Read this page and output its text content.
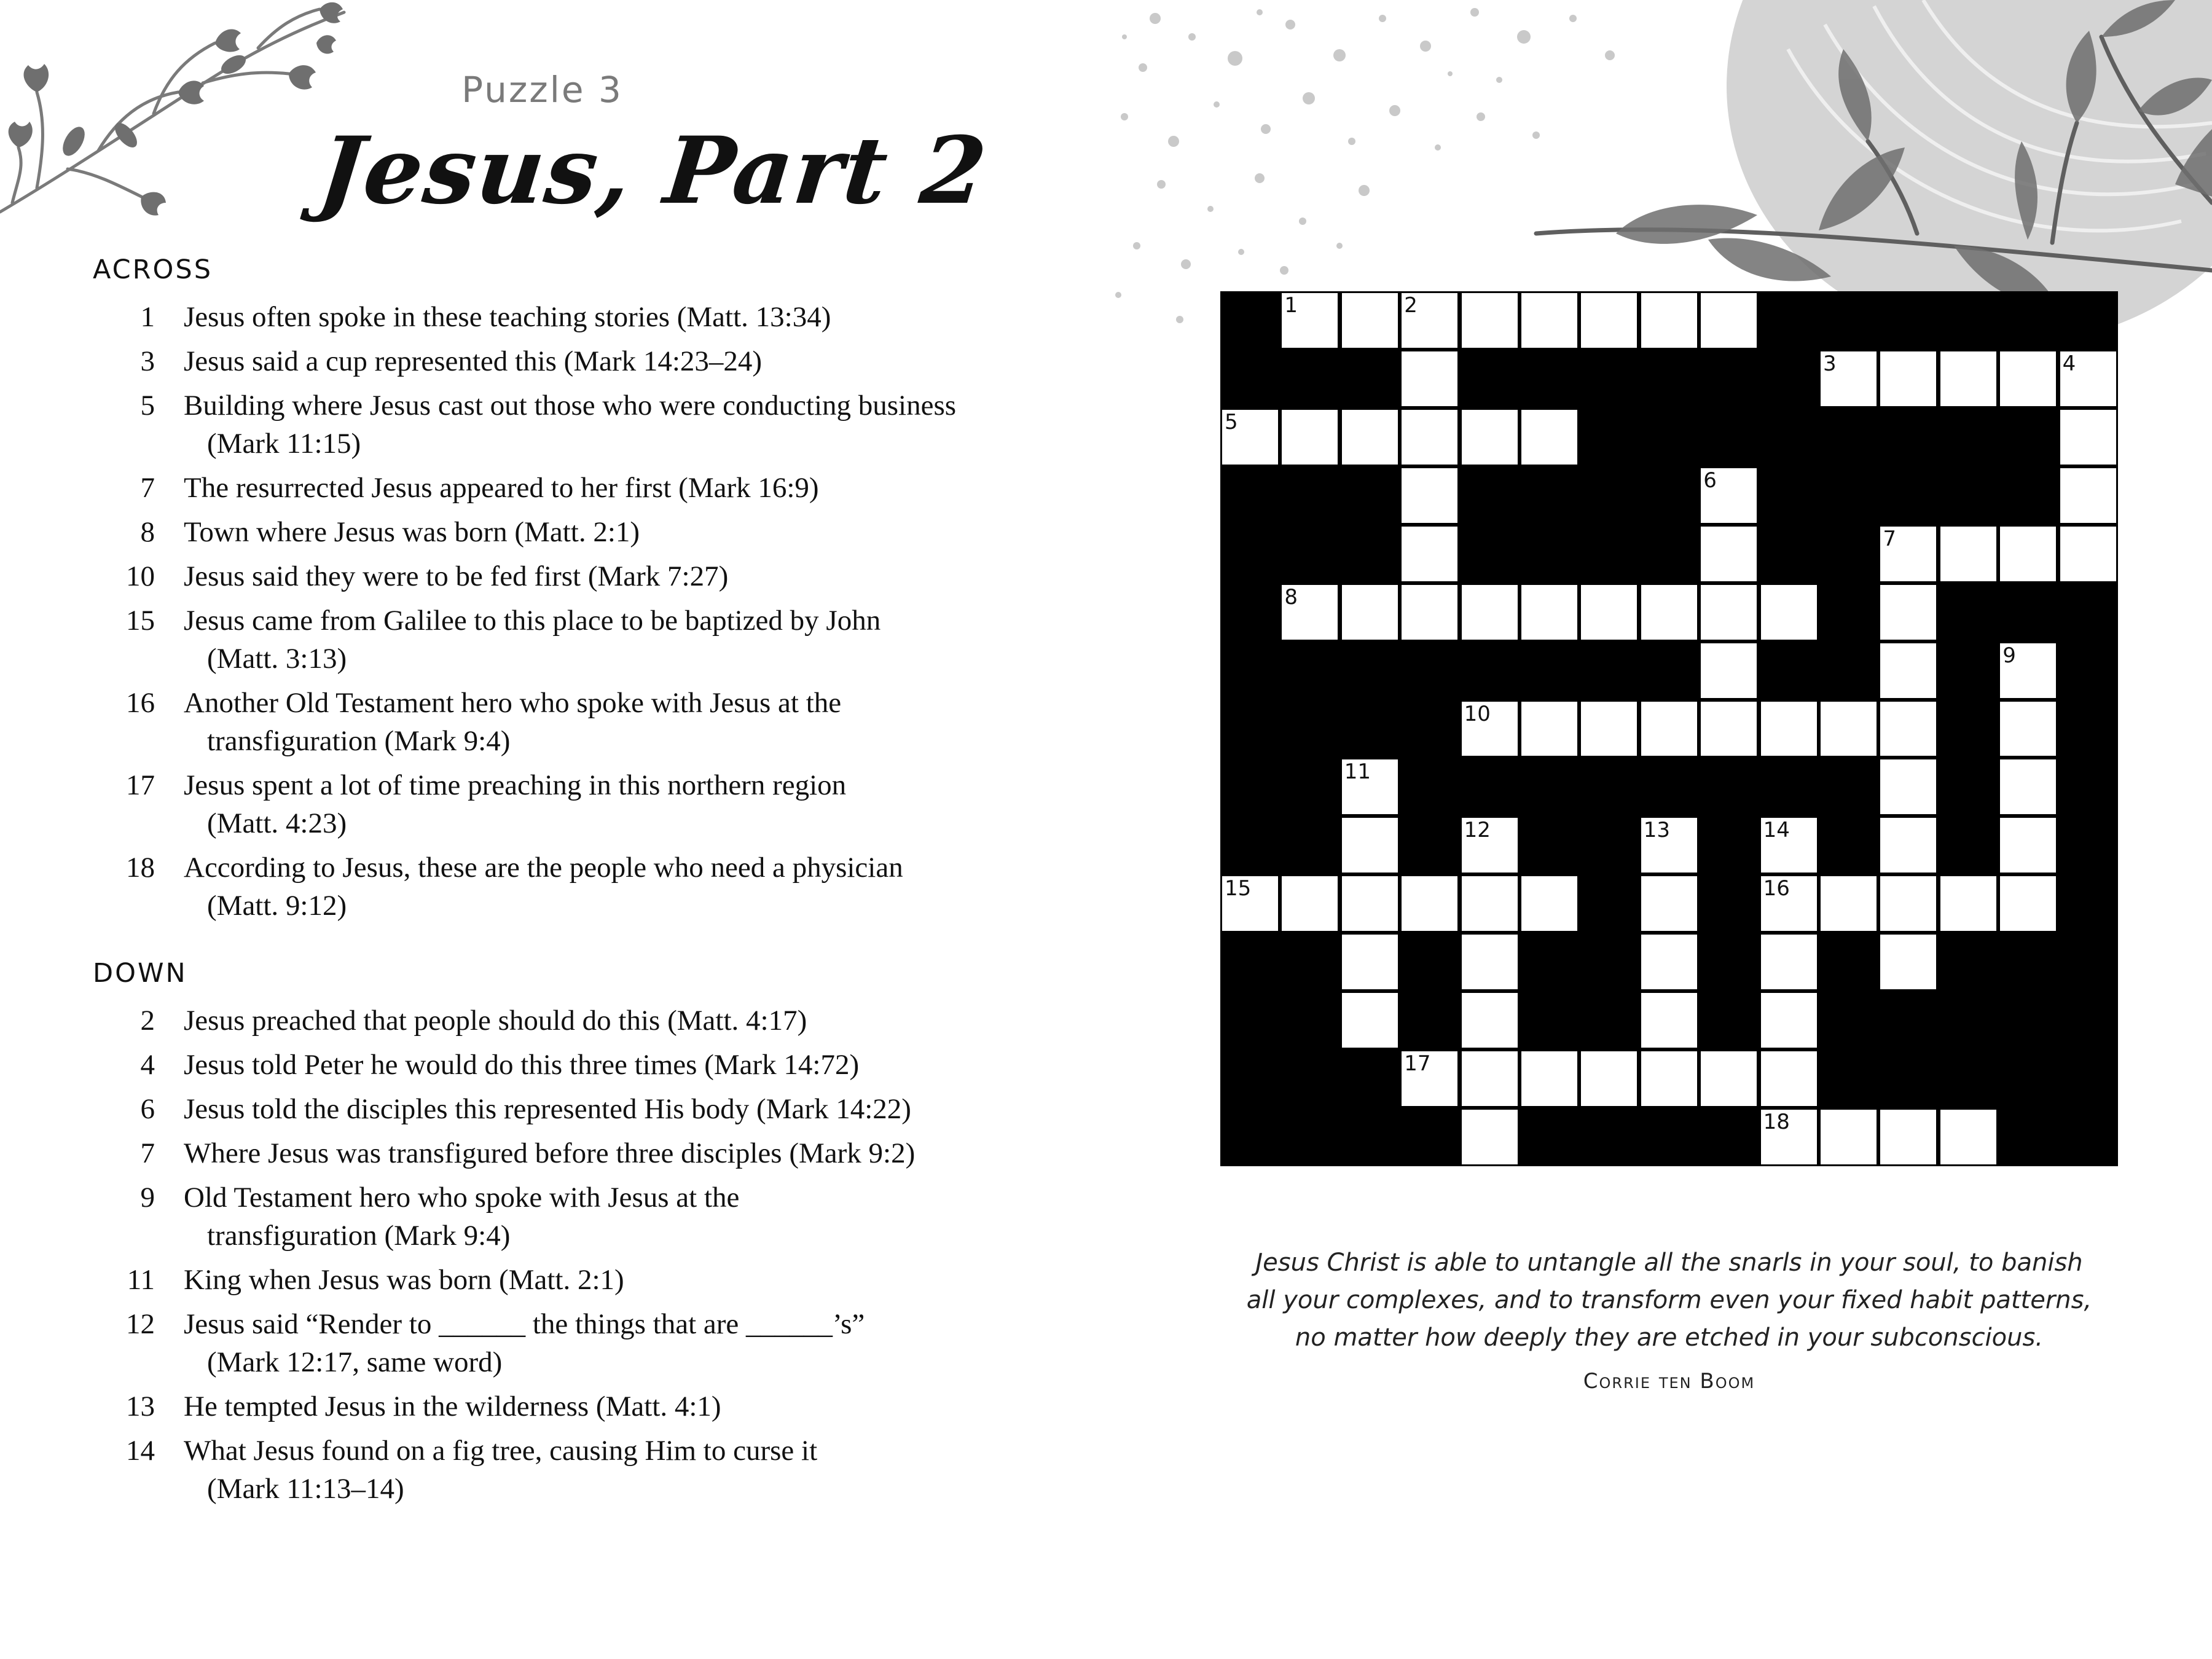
Puzzle 3
Jesus, Part 2
ACROSS
1 Jesus often spoke in these teaching stories (Matt. 13:34)
3 Jesus said a cup represented this (Mark 14:23–24)
5 Building where Jesus cast out those who were conducting business
(Mark 11:15)
7 The resurrected Jesus appeared to her first (Mark 16:9)
8 Town where Jesus was born (Matt. 2:1)
10 Jesus said they were to be fed first (Mark 7:27)
15 Jesus came from Galilee to this place to be baptized by John
(Matt. 3:13)
16 Another Old Testament hero who spoke with Jesus at the
transfiguration (Mark 9:4)
17 Jesus spent a lot of time preaching in this northern region
(Matt. 4:23)
18 According to Jesus, these are the people who need a physician
(Matt. 9:12)
DOWN
2 Jesus preached that people should do this (Matt. 4:17)
4 Jesus told Peter he would do this three times (Mark 14:72)
6 Jesus told the disciples this represented His body (Mark 14:22)
7 Where Jesus was transfigured before three disciples (Mark 9:2)
9 Old Testament hero who spoke with Jesus at the
transfiguration (Mark 9:4)
11 King when Jesus was born (Matt. 2:1)
12 Jesus said “Render to ______ the things that are ______’s”
(Mark 12:17, same word)
13 He tempted Jesus in the wilderness (Matt. 4:1)
14 What Jesus found on a fig tree, causing Him to curse it
(Mark 11:13–14)
1	2
3	4
5
6
7
8
9
10
11
12	13	14
15	16
17
18
Jesus Christ is able to untangle all the snarls in your soul, to banish
all your complexes, and to transform even your fixed habit patterns,
no matter how deeply they are etched in your subconscious.
Corrie ten Boom
